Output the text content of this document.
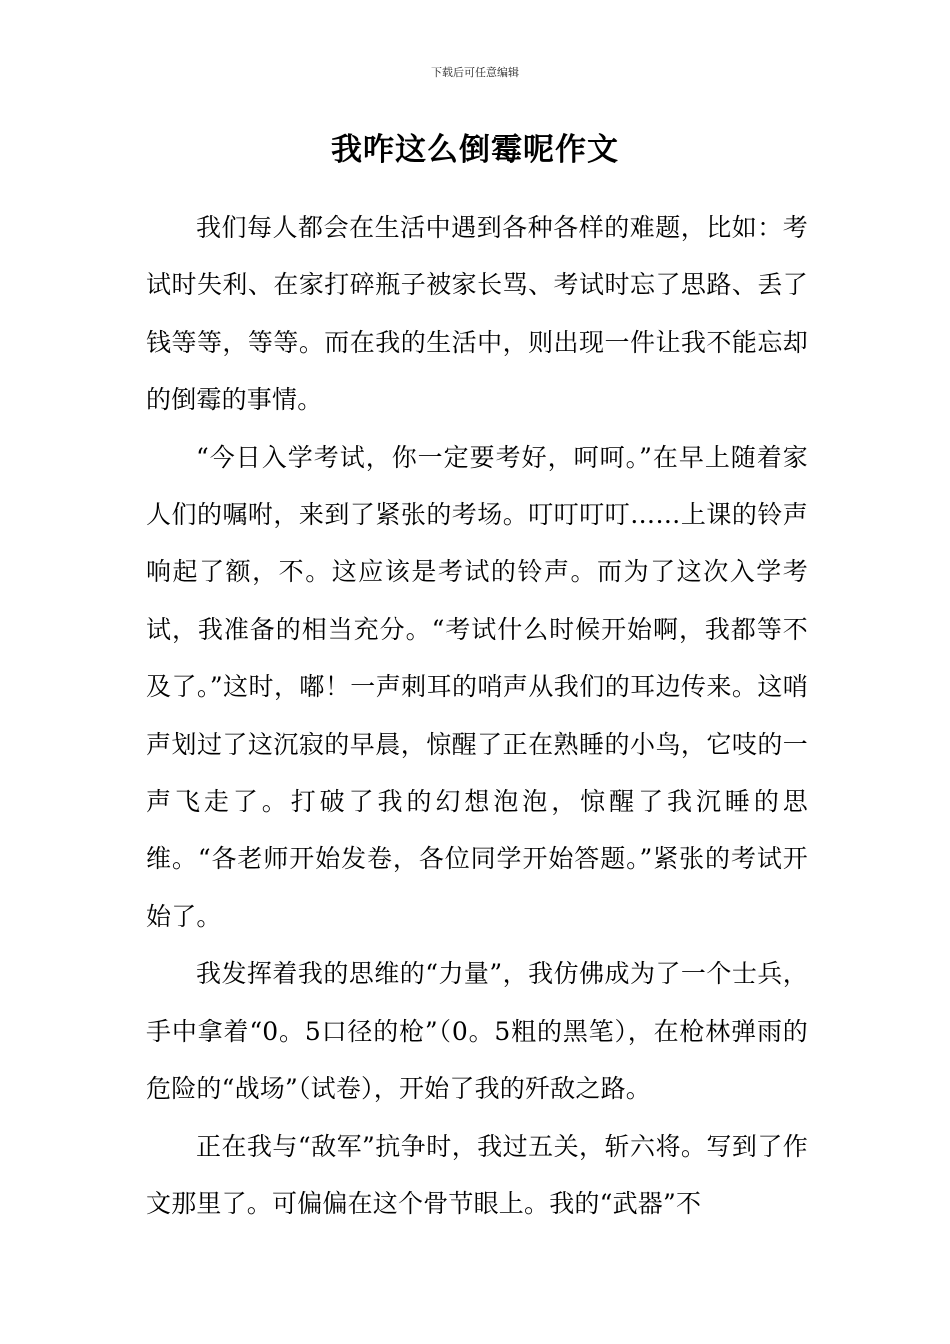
下载后可任意编辑
我咋这么倒霉呢作文

我们每人都会在生活中遇到各种各样的难题，比如：考试时失利、在家打碎瓶子被家长骂、考试时忘了思路、丢了钱等等，等等。而在我的生活中，则出现一件让我不能忘却的倒霉的事情。

“今日入学考试，你一定要考好，呵呵。”在早上随着家人们的嘱咐，来到了紧张的考场。叮叮叮叮……上课的铃声响起了额，不。这应该是考试的铃声。而为了这次入学考试，我准备的相当充分。“考试什么时候开始啊，我都等不及了。”这时，嘟！一声刺耳的哨声从我们的耳边传来。这哨声划过了这沉寂的早晨，惊醒了正在熟睡的小鸟，它吱的一声飞走了。打破了我的幻想泡泡，惊醒了我沉睡的思维。“各老师开始发卷，各位同学开始答题。”紧张的考试开始了。

我发挥着我的思维的“力量”，我仿佛成为了一个士兵，手中拿着“0。5口径的枪”（0。5粗的黑笔），在枪林弹雨的危险的“战场”（试卷），开始了我的歼敌之路。

正在我与“敌军”抗争时，我过五关，斩六将。写到了作文那里了。可偏偏在这个骨节眼上。我的“武器”不
